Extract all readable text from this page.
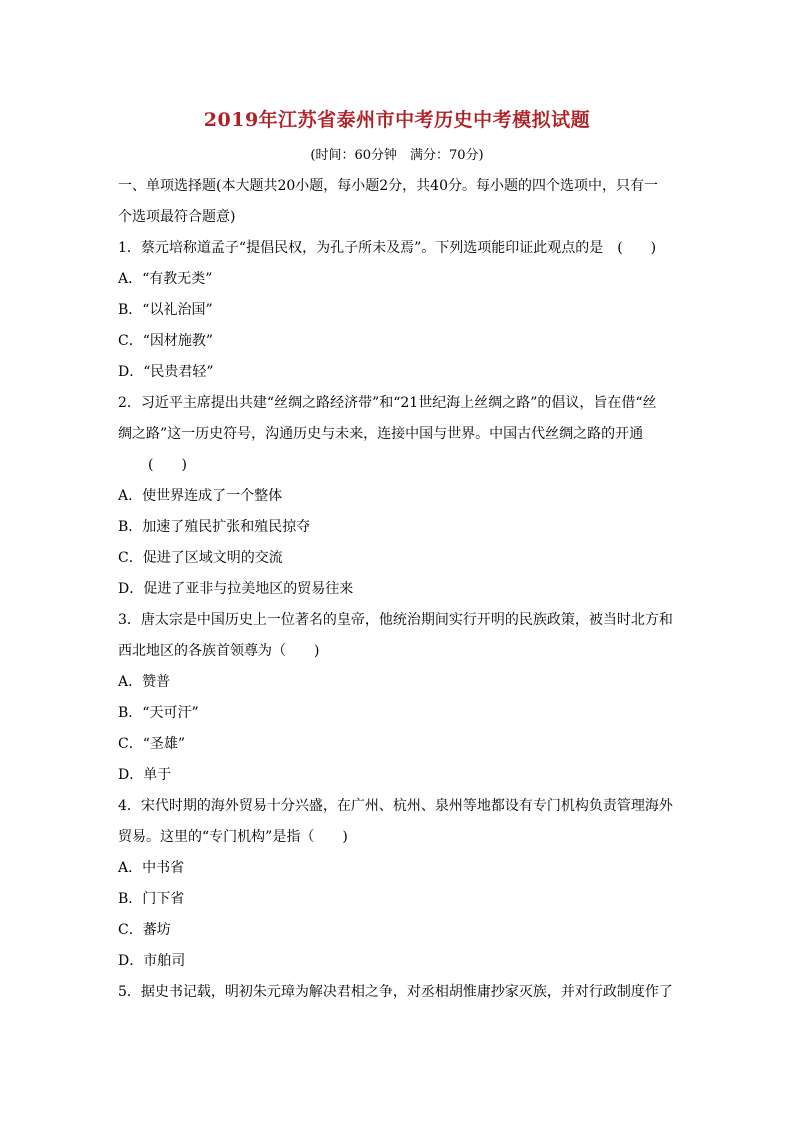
2019年江苏省泰州市中考历史中考模拟试题
(时间：60分钟　满分：70分)

一、单项选择题(本大题共20小题，每小题2分，共40分。每小题的四个选项中，只有一

个选项最符合题意)

1．蔡元培称道孟子“提倡民权，为孔子所未及焉”。下列选项能印证此观点的是　(　　)

A．“有教无类”

B．“以礼治国”

C．“因材施教”

D．“民贵君轻”

2．习近平主席提出共建“丝绸之路经济带”和“21世纪海上丝绸之路”的倡议，旨在借“丝

绸之路”这一历史符号，沟通历史与未来，连接中国与世界。中国古代丝绸之路的开通

(　　)

A．使世界连成了一个整体

B．加速了殖民扩张和殖民掠夺

C．促进了区域文明的交流

D．促进了亚非与拉美地区的贸易往来

3．唐太宗是中国历史上一位著名的皇帝，他统治期间实行开明的民族政策，被当时北方和

西北地区的各族首领尊为（　　)

A．赞普

B．“天可汗”

C．“圣雄”

D．单于

4．宋代时期的海外贸易十分兴盛，在广州、杭州、泉州等地都设有专门机构负责管理海外

贸易。这里的“专门机构”是指（　　)

A．中书省

B．门下省

C．蕃坊

D．市舶司

5．据史书记载，明初朱元璋为解决君相之争，对丞相胡惟庸抄家灭族，并对行政制度作了
